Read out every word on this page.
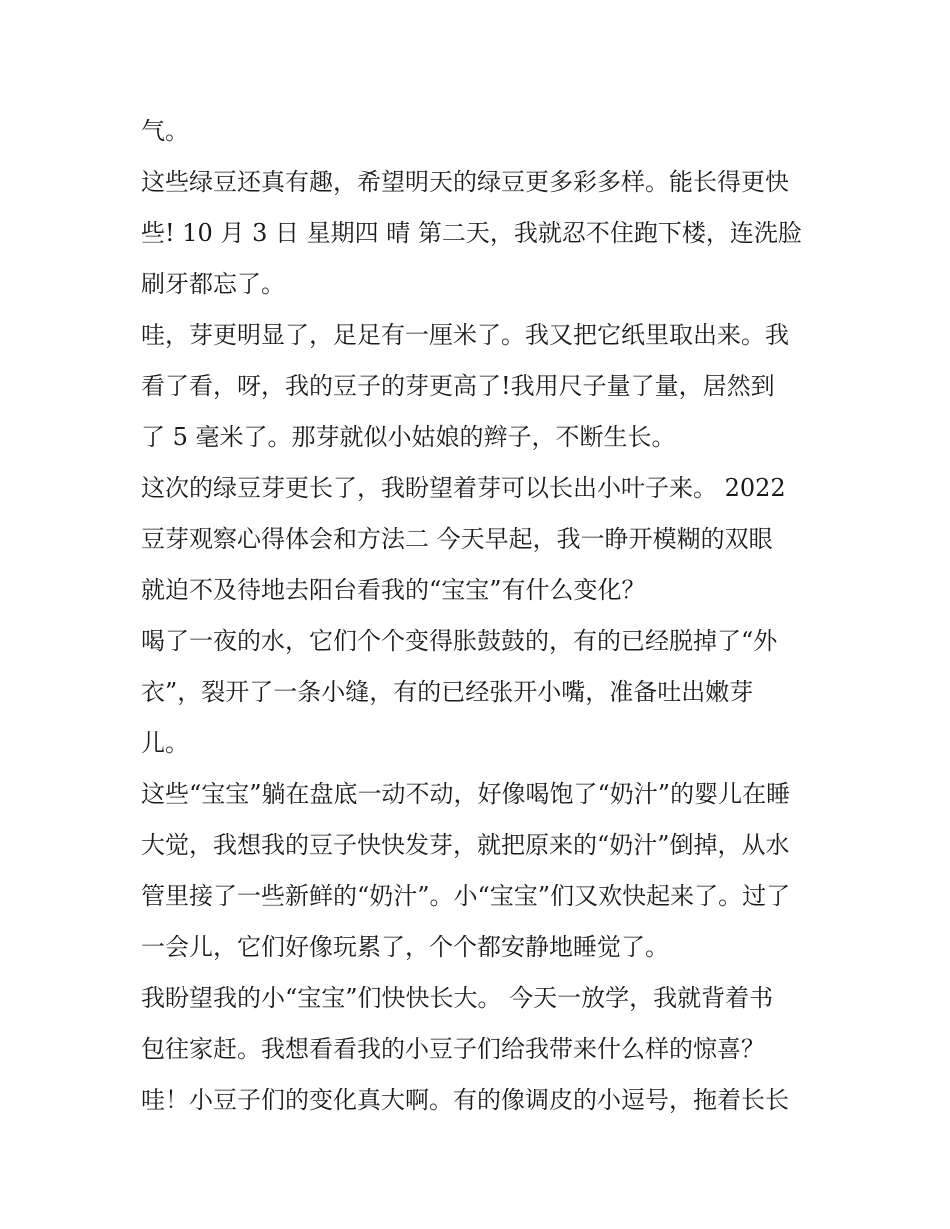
气。
这些绿豆还真有趣，希望明天的绿豆更多彩多样。能长得更快
些! 10 月 3 日 星期四 晴 第二天，我就忍不住跑下楼，连洗脸
刷牙都忘了。
哇，芽更明显了，足足有一厘米了。我又把它纸里取出来。我
看了看，呀，我的豆子的芽更高了!我用尺子量了量，居然到
了 5 毫米了。那芽就似小姑娘的辫子，不断生长。
这次的绿豆芽更长了，我盼望着芽可以长出小叶子来。 2022
豆芽观察心得体会和方法二 今天早起，我一睁开模糊的双眼
就迫不及待地去阳台看我的“宝宝”有什么变化？
喝了一夜的水，它们个个变得胀鼓鼓的，有的已经脱掉了“外
衣”，裂开了一条小缝，有的已经张开小嘴，准备吐出嫩芽
儿。
这些“宝宝”躺在盘底一动不动，好像喝饱了“奶汁”的婴儿在睡
大觉，我想我的豆子快快发芽，就把原来的“奶汁”倒掉，从水
管里接了一些新鲜的“奶汁”。小“宝宝”们又欢快起来了。过了
一会儿，它们好像玩累了，个个都安静地睡觉了。
我盼望我的小“宝宝”们快快长大。 今天一放学，我就背着书
包往家赶。我想看看我的小豆子们给我带来什么样的惊喜？
哇！小豆子们的变化真大啊。有的像调皮的小逗号，拖着长长
